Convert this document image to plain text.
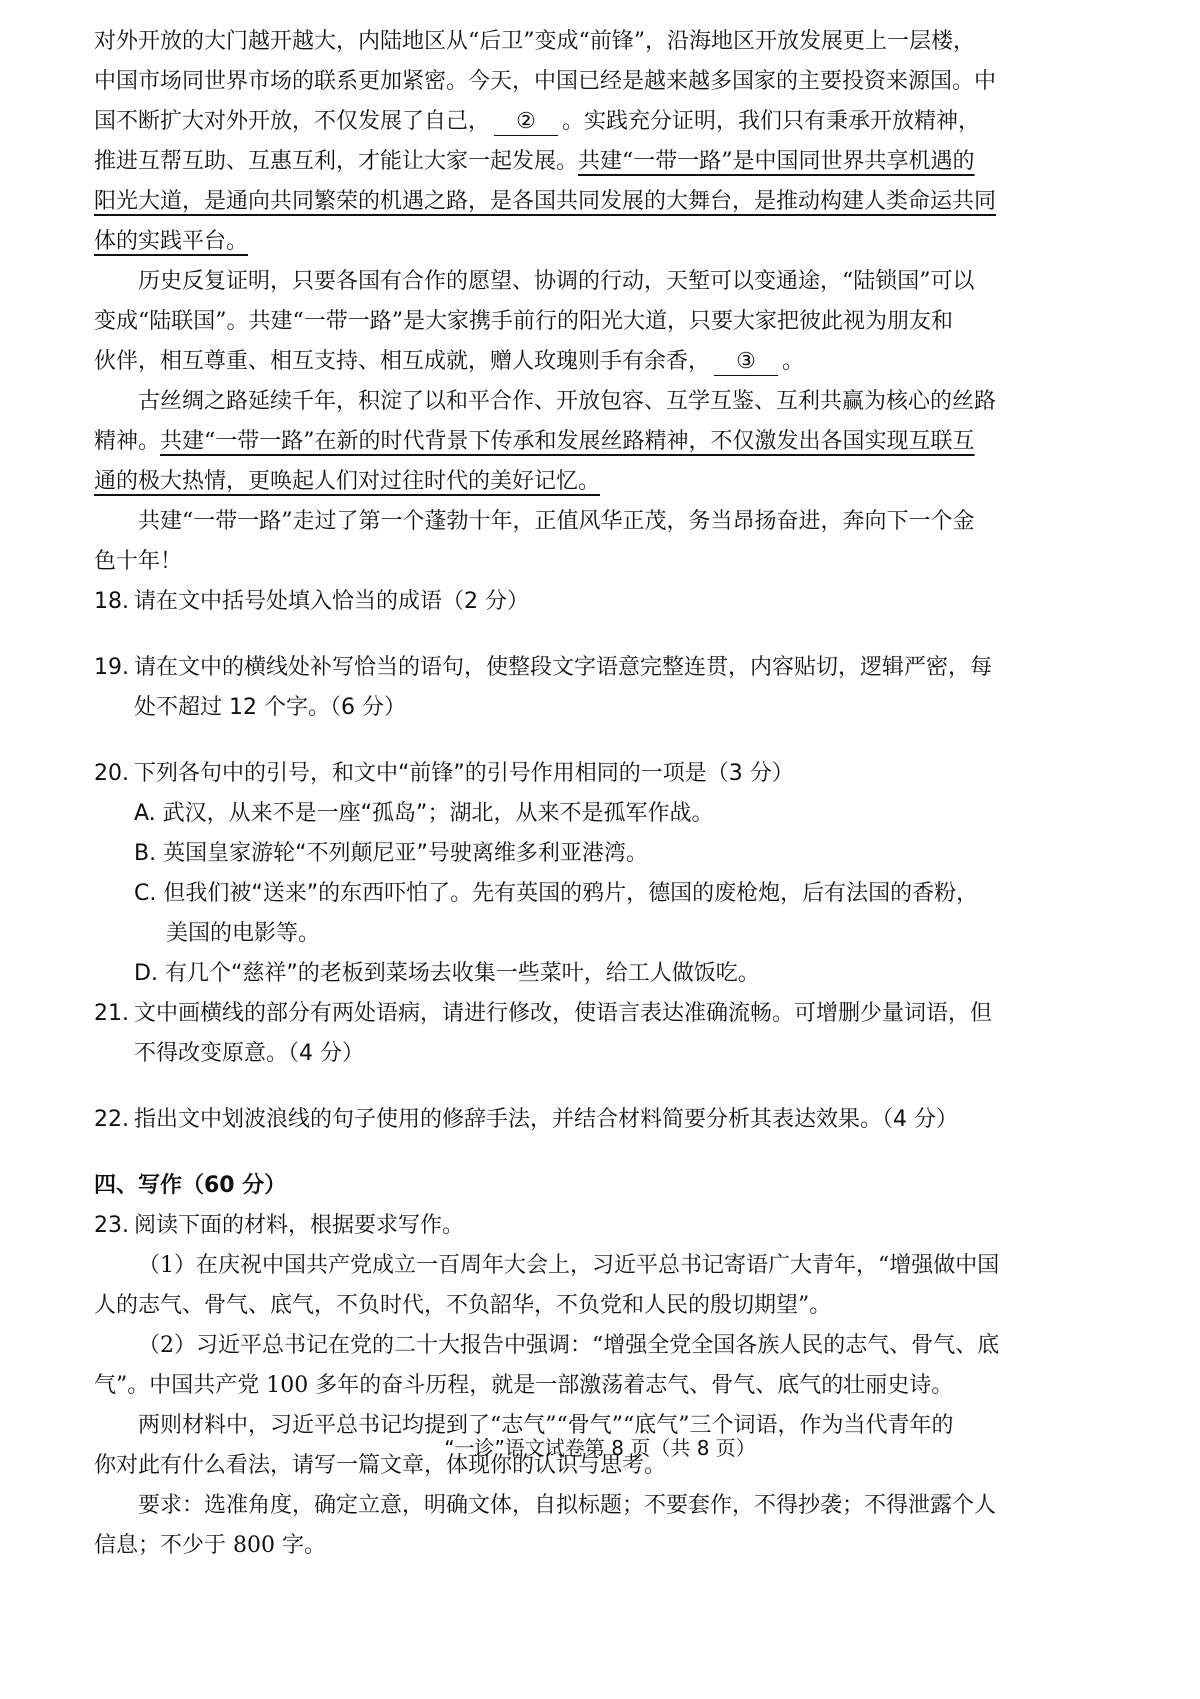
对外开放的大门越开越大，内陆地区从“后卫”变成“前锋”，沿海地区开放发展更上一层楼，

中国市场同世界市场的联系更加紧密。今天，中国已经是越来越多国家的主要投资来源国。中

国不断扩大对外开放，不仅发展了自己， ② 。实践充分证明，我们只有秉承开放精神，

推进互帮互助、互惠互利，才能让大家一起发展。共建“一带一路”是中国同世界共享机遇的

阳光大道，是通向共同繁荣的机遇之路，是各国共同发展的大舞台，是推动构建人类命运共同

体的实践平台。

历史反复证明，只要各国有合作的愿望、协调的行动，天堑可以变通途，“陆锁国”可以

变成“陆联国”。共建“一带一路”是大家携手前行的阳光大道，只要大家把彼此视为朋友和

伙伴，相互尊重、相互支持、相互成就，赠人玫瑰则手有余香， ③ 。

古丝绸之路延续千年，积淀了以和平合作、开放包容、互学互鉴、互利共赢为核心的丝路

精神。共建“一带一路”在新的时代背景下传承和发展丝路精神，不仅激发出各国实现互联互

通的极大热情，更唤起人们对过往时代的美好记忆。

共建“一带一路”走过了第一个蓬勃十年，正值风华正茂，务当昂扬奋进，奔向下一个金

色十年！

18. 请在文中括号处填入恰当的成语（2 分）

19. 请在文中的横线处补写恰当的语句，使整段文字语意完整连贯，内容贴切，逻辑严密，每

处不超过 12 个字。（6 分）

20. 下列各句中的引号，和文中“前锋”的引号作用相同的一项是（3 分）

A. 武汉，从来不是一座“孤岛”；湖北，从来不是孤军作战。

B. 英国皇家游轮“不列颠尼亚”号驶离维多利亚港湾。

C. 但我们被“送来”的东西吓怕了。先有英国的鸦片，德国的废枪炮，后有法国的香粉，
美国的电影等。

D. 有几个“慈祥”的老板到菜场去收集一些菜叶，给工人做饭吃。

21. 文中画横线的部分有两处语病，请进行修改，使语言表达准确流畅。可增删少量词语，但

不得改变原意。（4 分）

22. 指出文中划波浪线的句子使用的修辞手法，并结合材料简要分析其表达效果。（4 分）

四、写作（60 分）

23. 阅读下面的材料，根据要求写作。

（1）在庆祝中国共产党成立一百周年大会上，习近平总书记寄语广大青年，“增强做中国

人的志气、骨气、底气，不负时代，不负韶华，不负党和人民的殷切期望”。

（2）习近平总书记在党的二十大报告中强调：“增强全党全国各族人民的志气、骨气、底

气”。中国共产党 100 多年的奋斗历程，就是一部激荡着志气、骨气、底气的壮丽史诗。

两则材料中，习近平总书记均提到了“志气”“骨气”“底气”三个词语，作为当代青年的

你对此有什么看法，请写一篇文章，体现你的认识与思考。

要求：选准角度，确定立意，明确文体，自拟标题；不要套作，不得抄袭；不得泄露个人

信息；不少于 800 字。

“一诊”语文试卷第 8 页（共 8 页）
